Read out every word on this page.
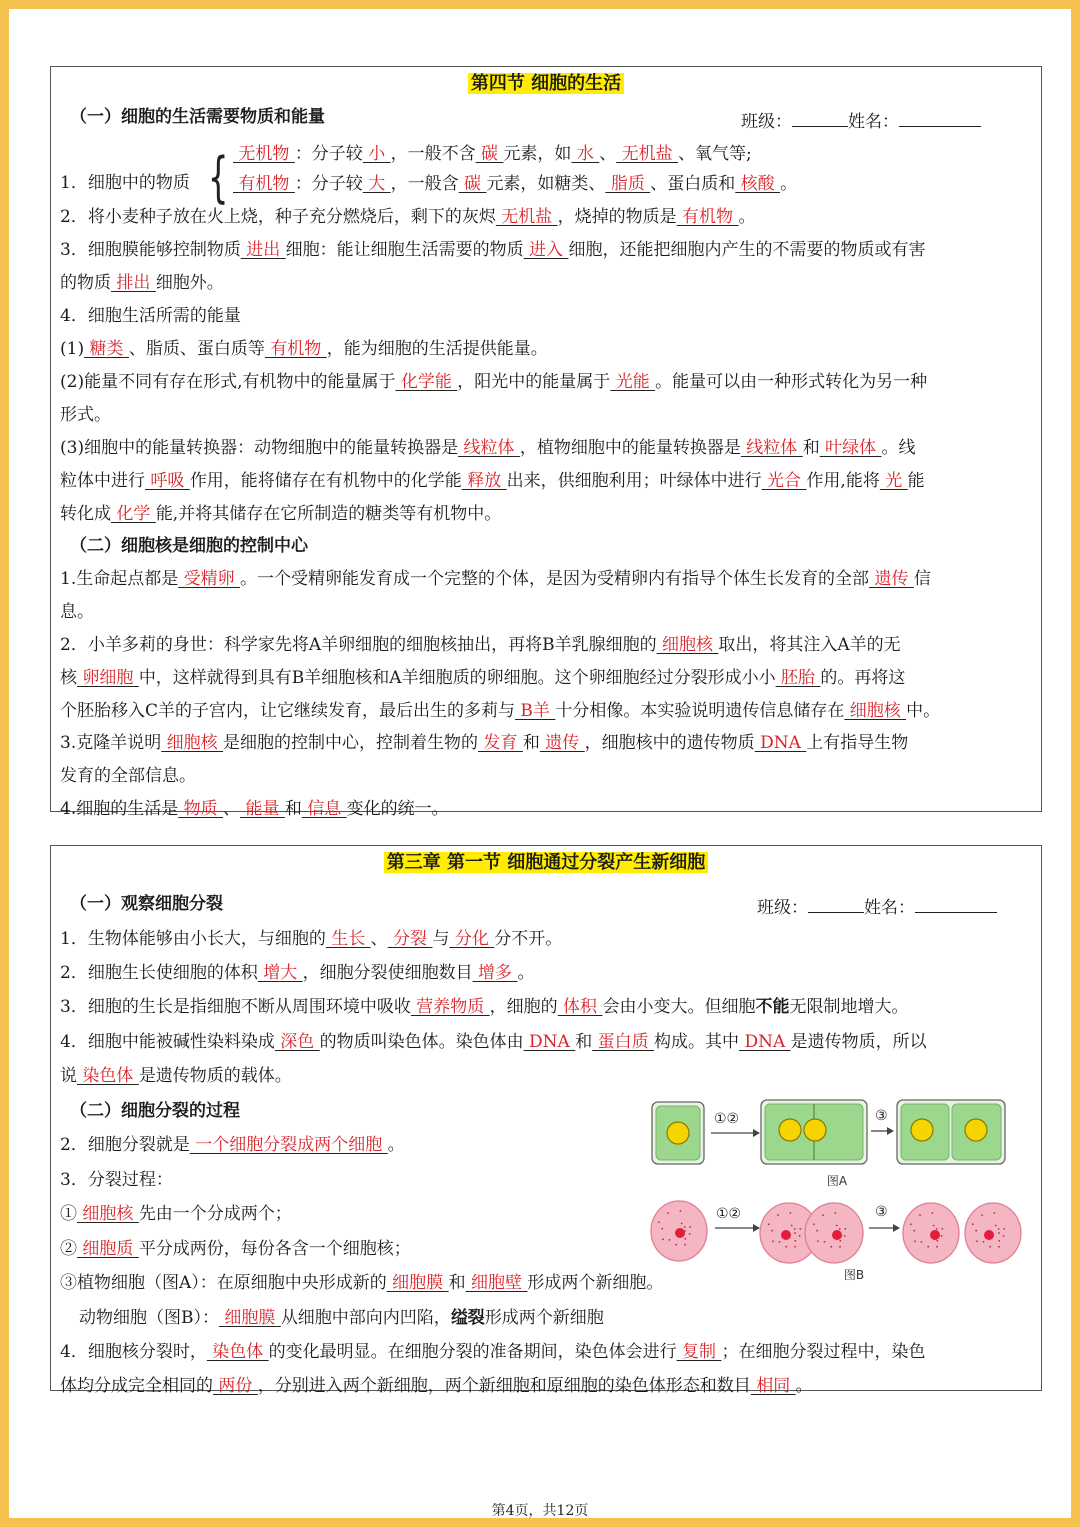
第四节 细胞的生活
（一）细胞的生活需要物质和能量	班级：	姓名：
1．细胞中的物质 { 无机物 ：分子较 小 ，一般不含 碳 元素，如 水 、 无机盐 、氧气等;
有机物 ：分子较 大 ，一般含 碳 元素，如糖类、 脂质 、蛋白质和 核酸 。
2．将小麦种子放在火上烧，种子充分燃烧后，剩下的灰烬 无机盐 ，烧掉的物质是 有机物 。
3．细胞膜能够控制物质 进出 细胞：能让细胞生活需要的物质 进入 细胞，还能把细胞内产生的不需要的物质或有害
的物质 排出 细胞外。
4．细胞生活所需的能量
(1) 糖类 、脂质、蛋白质等 有机物 ，能为细胞的生活提供能量。
(2)能量不同有存在形式,有机物中的能量属于 化学能 ，阳光中的能量属于 光能 。能量可以由一种形式转化为另一种
形式。
(3)细胞中的能量转换器：动物细胞中的能量转换器是 线粒体 ，植物细胞中的能量转换器是 线粒体 和 叶绿体 。线
粒体中进行 呼吸 作用，能将储存在有机物中的化学能 释放 出来，供细胞利用；叶绿体中进行 光合 作用,能将 光 能
转化成 化学 能,并将其储存在它所制造的糖类等有机物中。
（二）细胞核是细胞的控制中心
1.生命起点都是 受精卵 。一个受精卵能发育成一个完整的个体，是因为受精卵内有指导个体生长发育的全部 遗传 信
息。
2．小羊多莉的身世：科学家先将A羊卵细胞的细胞核抽出，再将B羊乳腺细胞的 细胞核 取出，将其注入A羊的无
核 卵细胞 中，这样就得到具有B羊细胞核和A羊细胞质的卵细胞。这个卵细胞经过分裂形成小小 胚胎 的。再将这
个胚胎移入C羊的子宫内，让它继续发育，最后出生的多莉与 B羊 十分相像。本实验说明遗传信息储存在 细胞核 中。
3.克隆羊说明 细胞核 是细胞的控制中心，控制着生物的 发育 和 遗传 ，细胞核中的遗传物质 DNA 上有指导生物
发育的全部信息。
4.细胞的生活是 物质 、 能量 和 信息 变化的统一。
第三章 第一节 细胞通过分裂产生新细胞
（一）观察细胞分裂	班级：	姓名：
1．生物体能够由小长大，与细胞的 生长 、 分裂 与 分化 分不开。
2．细胞生长使细胞的体积 增大 ，细胞分裂使细胞数目 增多 。
3．细胞的生长是指细胞不断从周围环境中吸收 营养物质 ，细胞的 体积 会由小变大。但细胞不能无限制地增大。
4．细胞中能被碱性染料染成 深色 的物质叫染色体。染色体由 DNA 和 蛋白质 构成。其中 DNA 是遗传物质，所以
说 染色体 是遗传物质的载体。
（二）细胞分裂的过程
2．细胞分裂就是 一个细胞分裂成两个细胞 。
3．分裂过程：
① 细胞核 先由一个分成两个；
② 细胞质 平分成两份，每份各含一个细胞核；
③植物细胞（图A）：在原细胞中央形成新的 细胞膜 和 细胞壁 形成两个新细胞。
动物细胞（图B）： 细胞膜 从细胞中部向内凹陷，缢裂形成两个新细胞
4．细胞核分裂时， 染色体 的变化最明显。在细胞分裂的准备期间，染色体会进行 复制 ；在细胞分裂过程中，染色
体均分成完全相同的 两份 ，分别进入两个新细胞，两个新细胞和原细胞的染色体形态和数目 相同 。
①②	③
图A
①②	③
图B
第4页，共12页
